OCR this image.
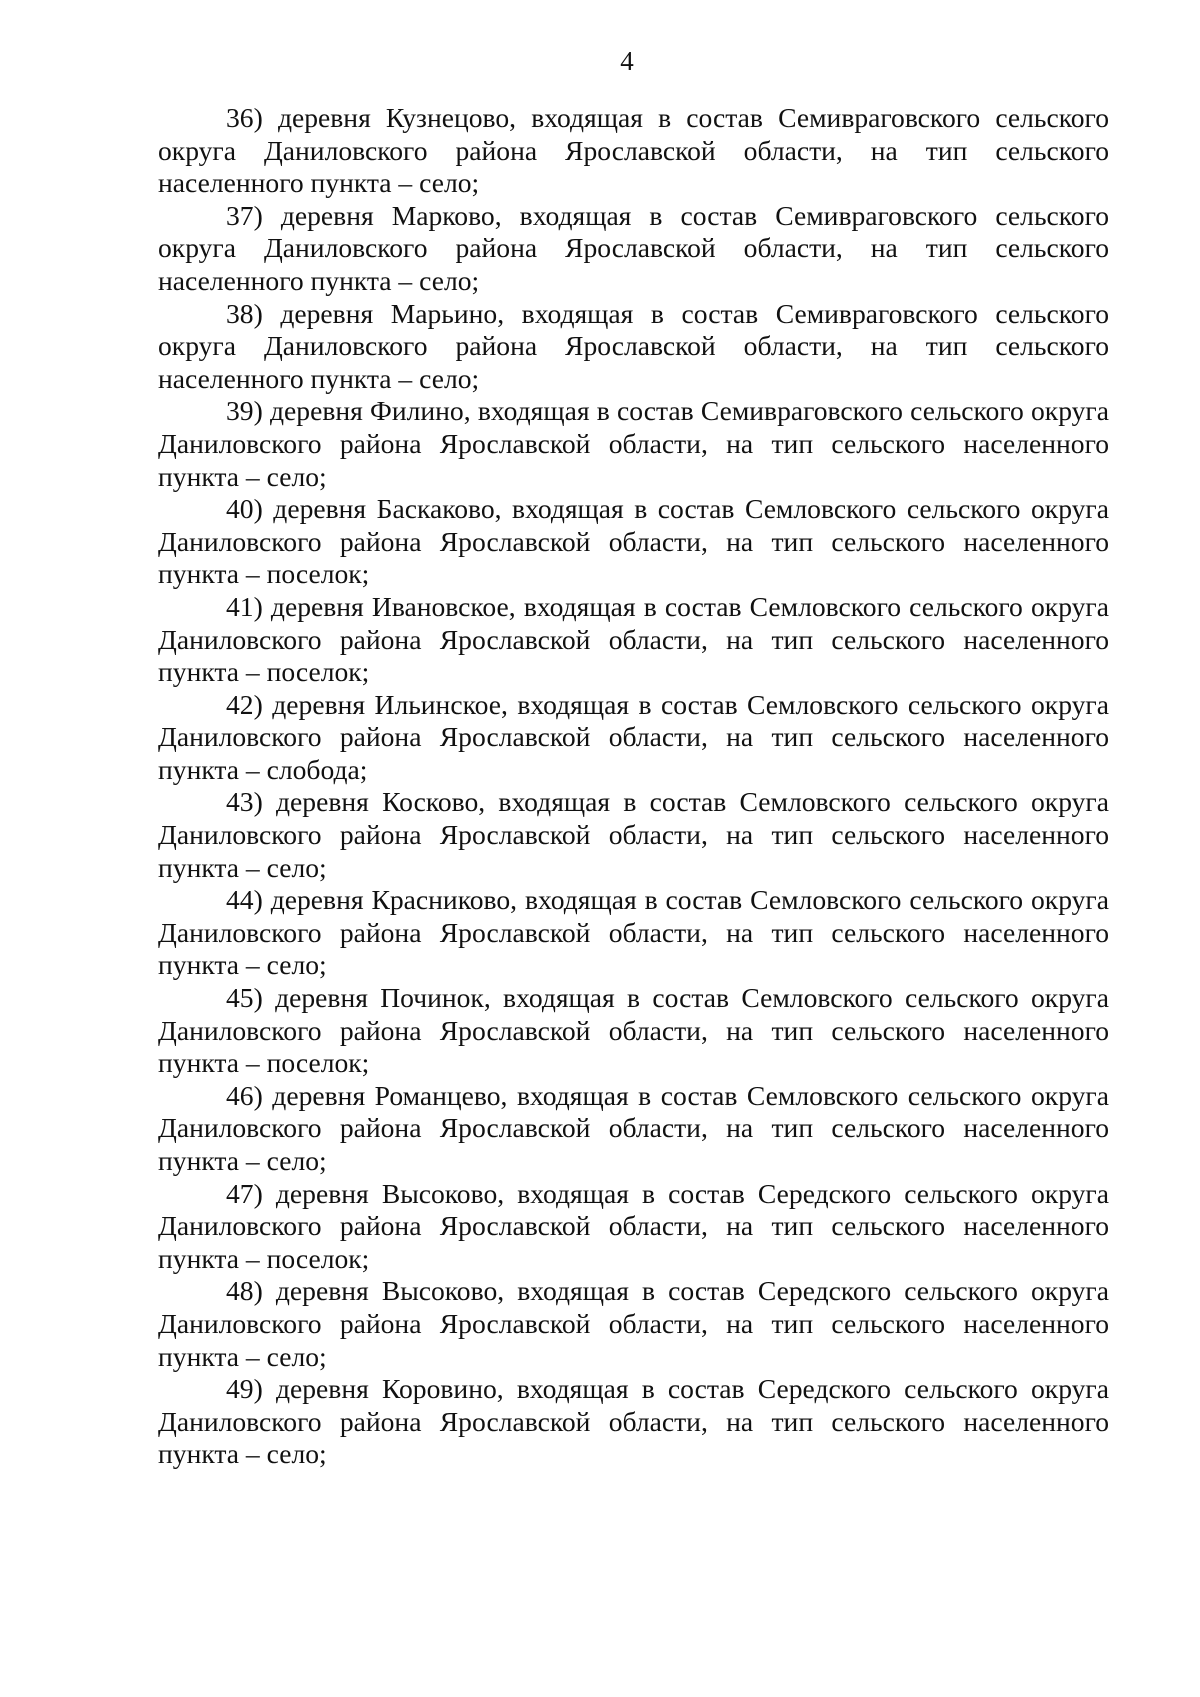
4

36) деревня Кузнецово, входящая в состав Семивраговского сельского округа Даниловского района Ярославской области, на тип сельского населенного пункта – село;

37) деревня Марково, входящая в состав Семивраговского сельского округа Даниловского района Ярославской области, на тип сельского населенного пункта – село;

38) деревня Марьино, входящая в состав Семивраговского сельского округа Даниловского района Ярославской области, на тип сельского населенного пункта – село;

39) деревня Филино, входящая в состав Семивраговского сельского округа Даниловского района Ярославской области, на тип сельского населенного пункта – село;

40) деревня Баскаково, входящая в состав Семловского сельского округа Даниловского района Ярославской области, на тип сельского населенного пункта – поселок;

41) деревня Ивановское, входящая в состав Семловского сельского округа Даниловского района Ярославской области, на тип сельского населенного пункта – поселок;

42) деревня Ильинское, входящая в состав Семловского сельского округа Даниловского района Ярославской области, на тип сельского населенного пункта – слобода;

43) деревня Косково, входящая в состав Семловского сельского округа Даниловского района Ярославской области, на тип сельского населенного пункта – село;

44) деревня Красниково, входящая в состав Семловского сельского округа Даниловского района Ярославской области, на тип сельского населенного пункта – село;

45) деревня Починок, входящая в состав Семловского сельского округа Даниловского района Ярославской области, на тип сельского населенного пункта – поселок;

46) деревня Романцево, входящая в состав Семловского сельского округа Даниловского района Ярославской области, на тип сельского населенного пункта – село;

47) деревня Высоково, входящая в состав Середского сельского округа Даниловского района Ярославской области, на тип сельского населенного пункта – поселок;

48) деревня Высоково, входящая в состав Середского сельского округа Даниловского района Ярославской области, на тип сельского населенного пункта – село;

49) деревня Коровино, входящая в состав Середского сельского округа Даниловского района Ярославской области, на тип сельского населенного пункта – село;
